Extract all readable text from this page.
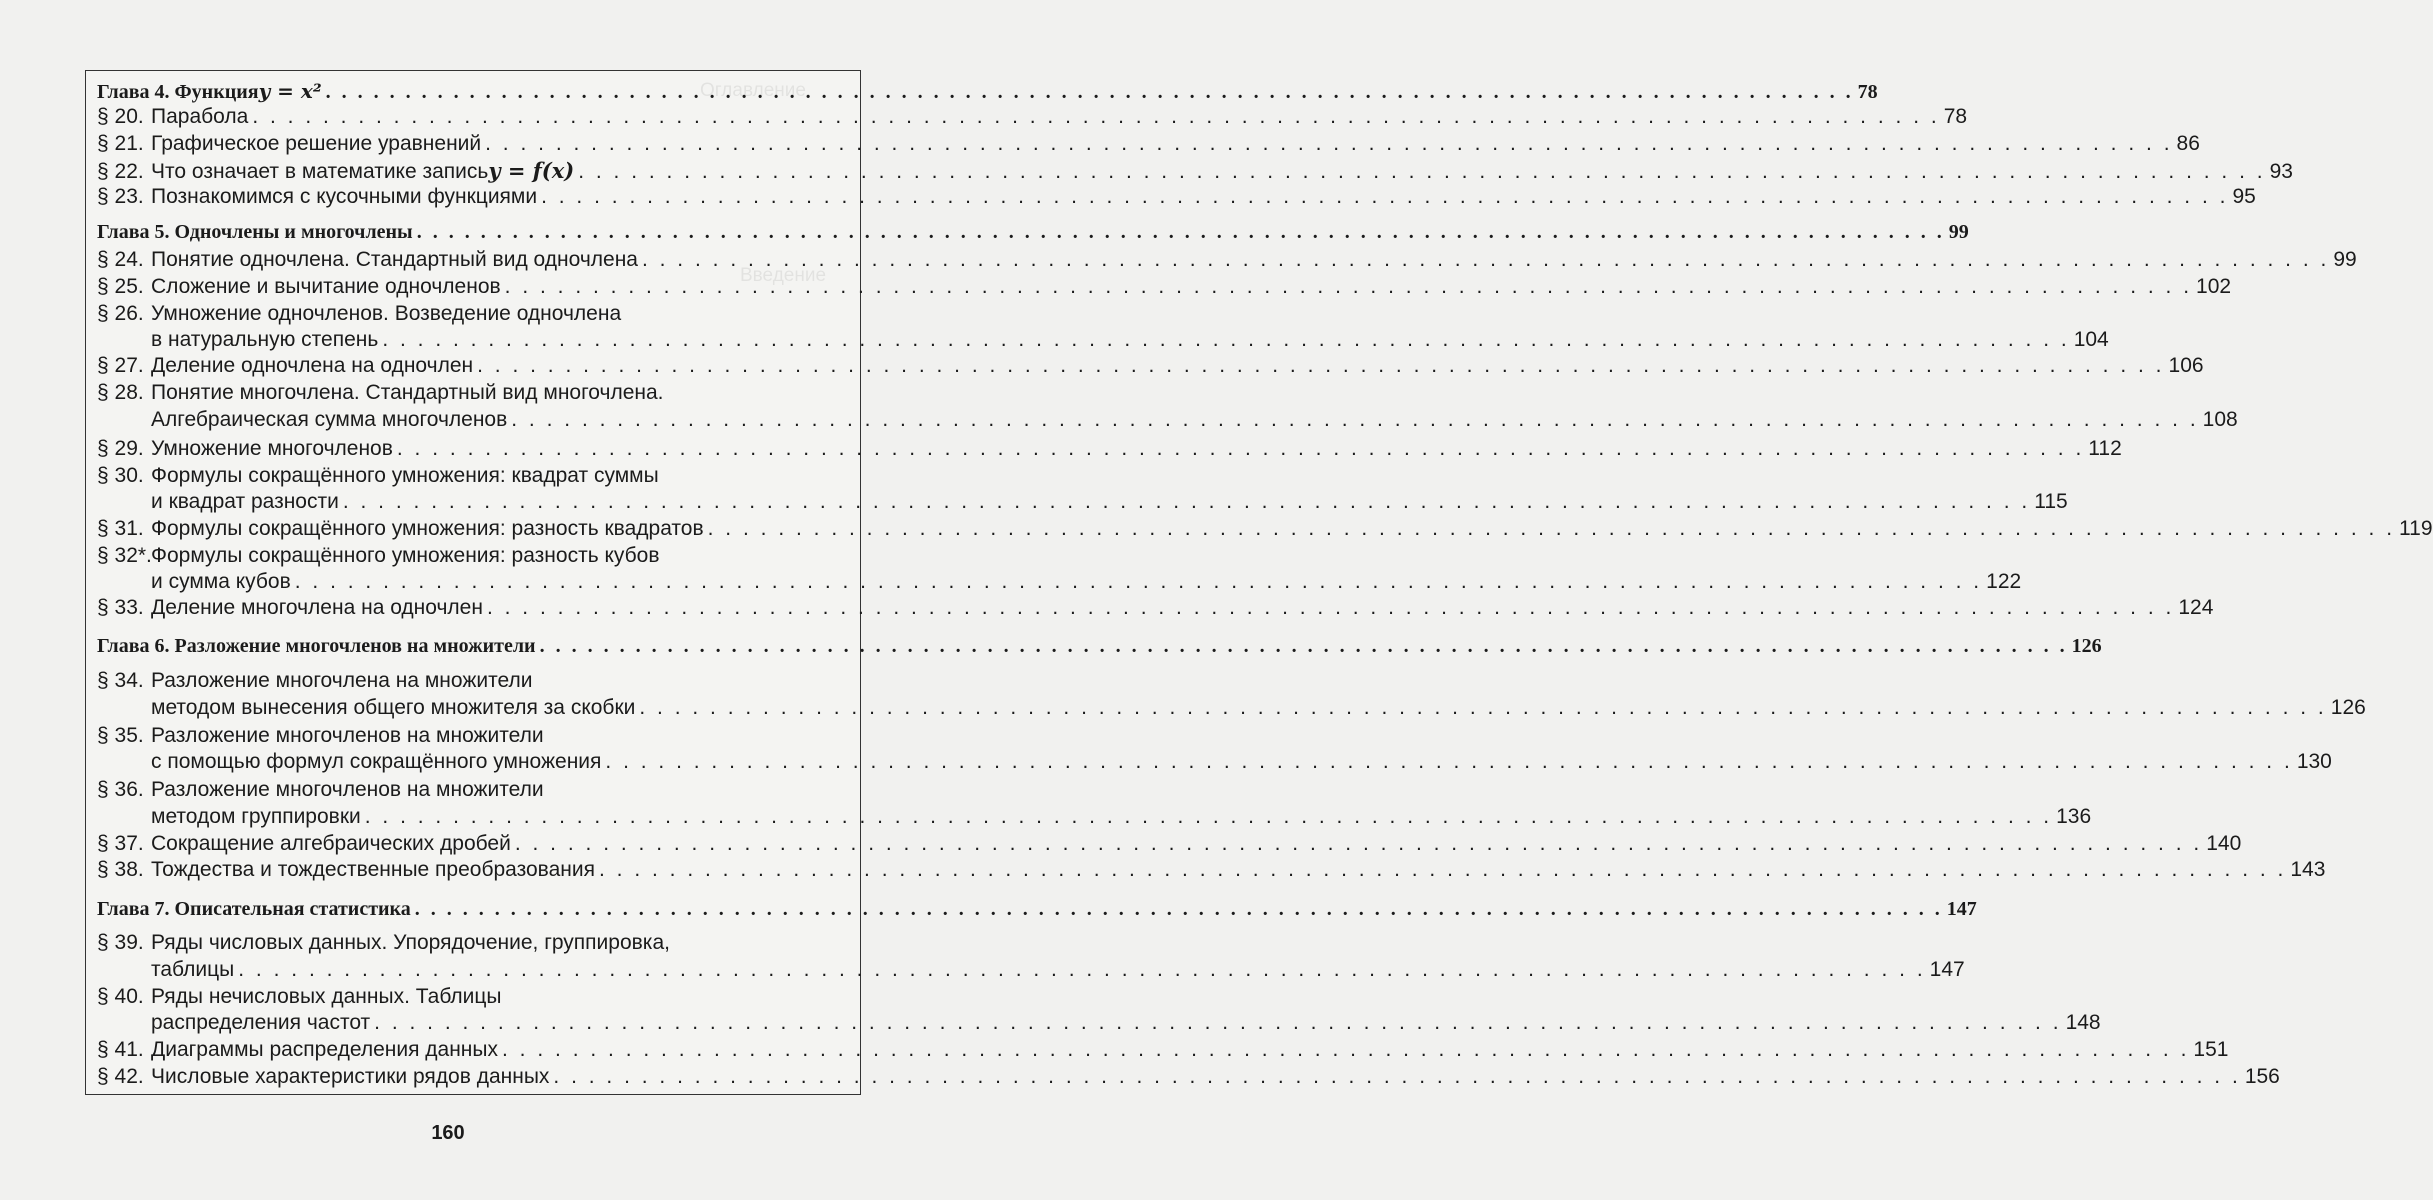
Оглавление
Введение
Глава 4. Функция y = x² . . .	78
§ 20. Парабола . . .	78
§ 21. Графическое решение уравнений . . .	86
§ 22. Что означает в математике запись y = f(x) . . .	93
§ 23. Познакомимся с кусочными функциями . . .	95
Глава 5. Одночлены и многочлены . . .	99
§ 24. Понятие одночлена. Стандартный вид одночлена . . .	99
§ 25. Сложение и вычитание одночленов . . .	102
§ 26. Умножение одночленов. Возведение одночлена
в натуральную степень . . .	104
§ 27. Деление одночлена на одночлен . . .	106
§ 28. Понятие многочлена. Стандартный вид многочлена.
Алгебраическая сумма многочленов . . .	108
§ 29. Умножение многочленов . . .	112
§ 30. Формулы сокращённого умножения: квадрат суммы
и квадрат разности . . .	115
§ 31. Формулы сокращённого умножения: разность квадратов . . .	119
§ 32*. Формулы сокращённого умножения: разность кубов
и сумма кубов . . .	122
§ 33. Деление многочлена на одночлен . . .	124
Глава 6. Разложение многочленов на множители . . .	126
§ 34. Разложение многочлена на множители
методом вынесения общего множителя за скобки . . .	126
§ 35. Разложение многочленов на множители
с помощью формул сокращённого умножения . . .	130
§ 36. Разложение многочленов на множители
методом группировки . . .	136
§ 37. Сокращение алгебраических дробей . . .	140
§ 38. Тождества и тождественные преобразования . . .	143
Глава 7. Описательная статистика . . .	147
§ 39. Ряды числовых данных. Упорядочение, группировка,
таблицы . . .	147
§ 40. Ряды нечисловых данных. Таблицы
распределения частот . . .	148
§ 41. Диаграммы распределения данных . . .	151
§ 42. Числовые характеристики рядов данных . . .	156
160
